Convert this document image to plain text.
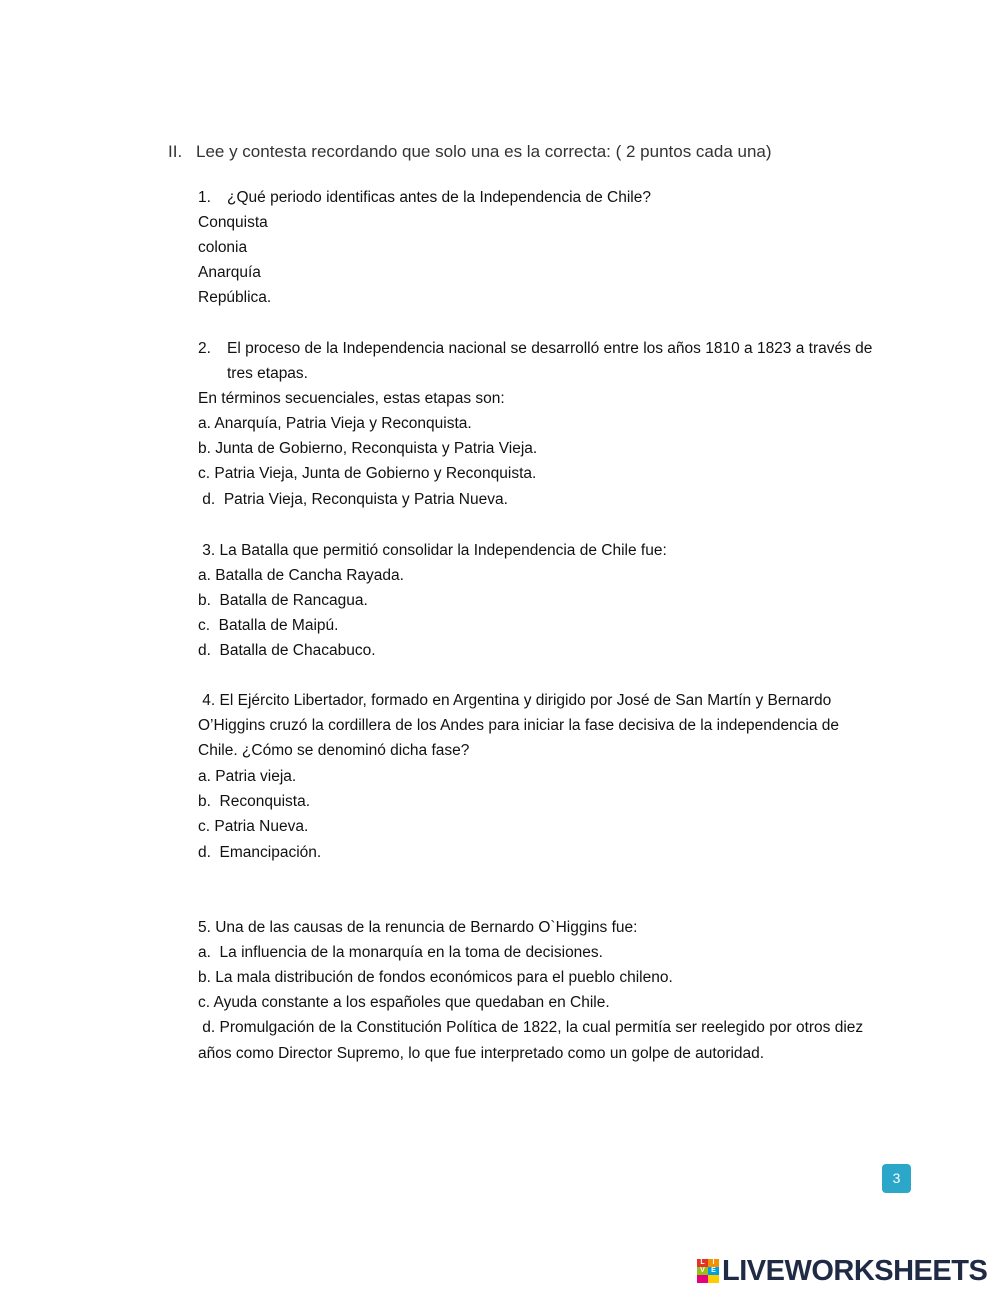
II. Lee y contesta recordando que solo una es la correcta: ( 2 puntos cada una)
1. ¿Qué periodo identificas antes de la Independencia de Chile?
Conquista
colonia
Anarquía
República.
2. El proceso de la Independencia nacional se desarrolló entre los años 1810 a 1823 a través de
tres etapas.
En términos secuenciales, estas etapas son:
a. Anarquía, Patria Vieja y Reconquista.
b. Junta de Gobierno, Reconquista y Patria Vieja.
c. Patria Vieja, Junta de Gobierno y Reconquista.
d.  Patria Vieja, Reconquista y Patria Nueva.
3. La Batalla que permitió consolidar la Independencia de Chile fue:
a. Batalla de Cancha Rayada.
b.  Batalla de Rancagua.
c.  Batalla de Maipú.
d.  Batalla de Chacabuco.
4. El Ejército Libertador, formado en Argentina y dirigido por José de San Martín y Bernardo
O’Higgins cruzó la cordillera de los Andes para iniciar la fase decisiva de la independencia de
Chile. ¿Cómo se denominó dicha fase?
a. Patria vieja.
b.  Reconquista.
c. Patria Nueva.
d.  Emancipación.
5. Una de las causas de la renuncia de Bernardo O`Higgins fue:
a.  La influencia de la monarquía en la toma de decisiones.
b. La mala distribución de fondos económicos para el pueblo chileno.
c. Ayuda constante a los españoles que quedaban en Chile.
d. Promulgación de la Constitución Política de 1822, la cual permitía ser reelegido por otros diez
años como Director Supremo, lo que fue interpretado como un golpe de autoridad.
3
L	I
V E LIVEWORKSHEETS
